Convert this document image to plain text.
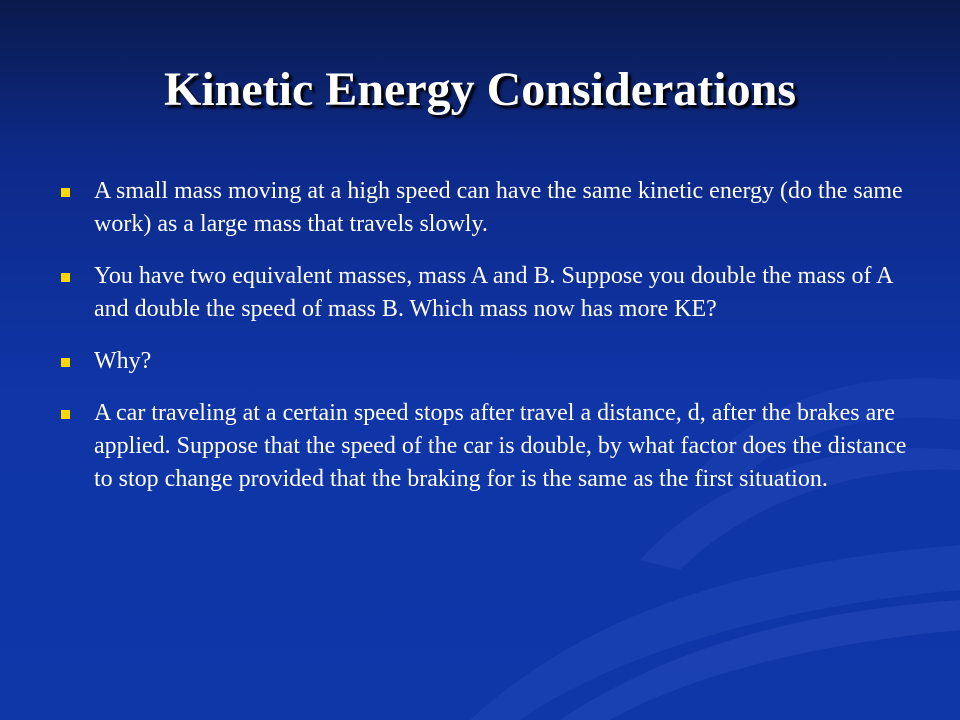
Kinetic Energy Considerations
A small mass moving at a high speed can have the same kinetic energy (do the same work) as a large mass that travels slowly.
You have two equivalent masses, mass A and B. Suppose you double the mass of A and double the speed of mass B. Which mass now has more KE?
Why?
A car traveling at a certain speed stops after travel a distance, d, after the brakes are applied. Suppose that the speed of the car is double, by what factor does the distance to stop change provided that the braking for is the same as the first situation.
